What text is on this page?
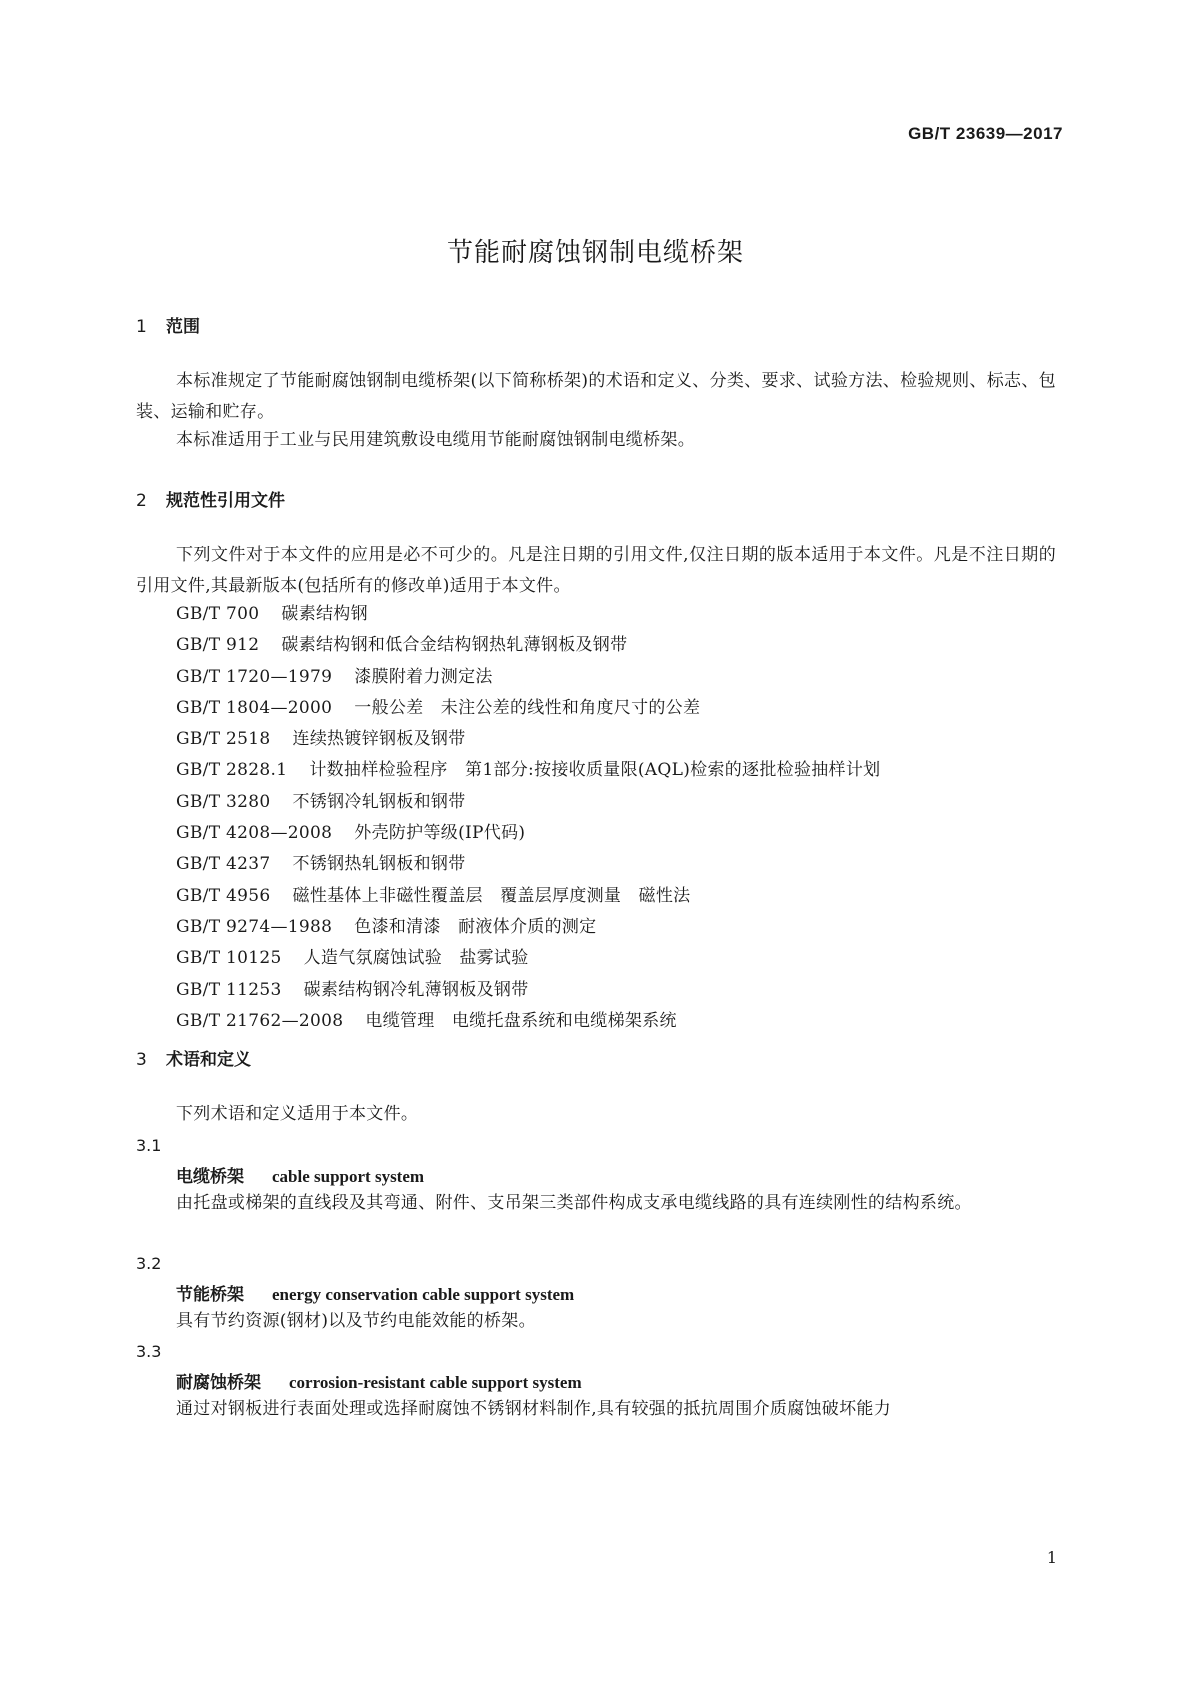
GB/T 23639—2017
节能耐腐蚀钢制电缆桥架
1 范围
本标准规定了节能耐腐蚀钢制电缆桥架(以下简称桥架)的术语和定义、分类、要求、试验方法、检验规则、标志、包装、运输和贮存。
本标准适用于工业与民用建筑敷设电缆用节能耐腐蚀钢制电缆桥架。
2 规范性引用文件
下列文件对于本文件的应用是必不可少的。凡是注日期的引用文件,仅注日期的版本适用于本文件。凡是不注日期的引用文件,其最新版本(包括所有的修改单)适用于本文件。
GB/T 700 碳素结构钢
GB/T 912 碳素结构钢和低合金结构钢热轧薄钢板及钢带
GB/T 1720—1979 漆膜附着力测定法
GB/T 1804—2000 一般公差　未注公差的线性和角度尺寸的公差
GB/T 2518 连续热镀锌钢板及钢带
GB/T 2828.1 计数抽样检验程序　第1部分:按接收质量限(AQL)检索的逐批检验抽样计划
GB/T 3280 不锈钢冷轧钢板和钢带
GB/T 4208—2008 外壳防护等级(IP代码)
GB/T 4237 不锈钢热轧钢板和钢带
GB/T 4956 磁性基体上非磁性覆盖层　覆盖层厚度测量　磁性法
GB/T 9274—1988 色漆和清漆　耐液体介质的测定
GB/T 10125 人造气氛腐蚀试验　盐雾试验
GB/T 11253 碳素结构钢冷轧薄钢板及钢带
GB/T 21762—2008 电缆管理　电缆托盘系统和电缆梯架系统
3 术语和定义
下列术语和定义适用于本文件。
3.1
电缆桥架 cable support system
由托盘或梯架的直线段及其弯通、附件、支吊架三类部件构成支承电缆线路的具有连续刚性的结构系统。
3.2
节能桥架 energy conservation cable support system
具有节约资源(钢材)以及节约电能效能的桥架。
3.3
耐腐蚀桥架 corrosion-resistant cable support system
通过对钢板进行表面处理或选择耐腐蚀不锈钢材料制作,具有较强的抵抗周围介质腐蚀破坏能力
1
